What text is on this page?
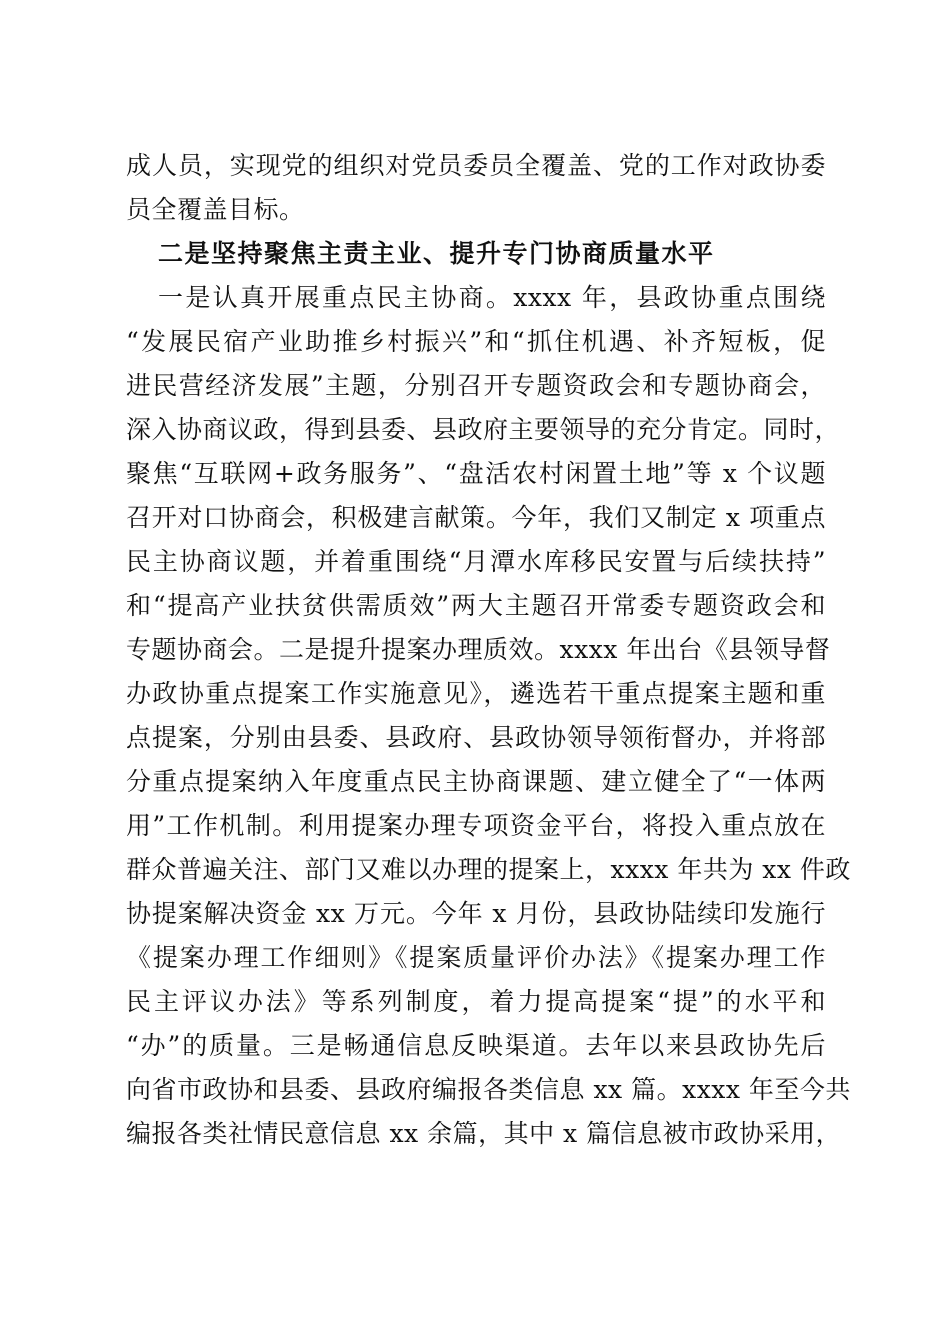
成人员，实现党的组织对党员委员全覆盖、党的工作对政协委
员全覆盖目标。
二是坚持聚焦主责主业、提升专门协商质量水平
一是认真开展重点民主协商。xxxx 年，县政协重点围绕
“发展民宿产业助推乡村振兴”和“抓住机遇、补齐短板，促
进民营经济发展”主题，分别召开专题资政会和专题协商会，
深入协商议政，得到县委、县政府主要领导的充分肯定。同时，
聚焦“互联网+政务服务”、“盘活农村闲置土地”等 x 个议题
召开对口协商会，积极建言献策。今年，我们又制定 x 项重点
民主协商议题，并着重围绕“月潭水库移民安置与后续扶持”
和“提高产业扶贫供需质效”两大主题召开常委专题资政会和
专题协商会。二是提升提案办理质效。xxxx 年出台《县领导督
办政协重点提案工作实施意见》，遴选若干重点提案主题和重
点提案，分别由县委、县政府、县政协领导领衔督办，并将部
分重点提案纳入年度重点民主协商课题、建立健全了“一体两
用”工作机制。利用提案办理专项资金平台，将投入重点放在
群众普遍关注、部门又难以办理的提案上，xxxx 年共为 xx 件政
协提案解决资金 xx 万元。今年 x 月份，县政协陆续印发施行
《提案办理工作细则》《提案质量评价办法》《提案办理工作
民主评议办法》等系列制度，着力提高提案“提”的水平和
“办”的质量。三是畅通信息反映渠道。去年以来县政协先后
向省市政协和县委、县政府编报各类信息 xx 篇。xxxx 年至今共
编报各类社情民意信息 xx 余篇，其中 x 篇信息被市政协采用，
